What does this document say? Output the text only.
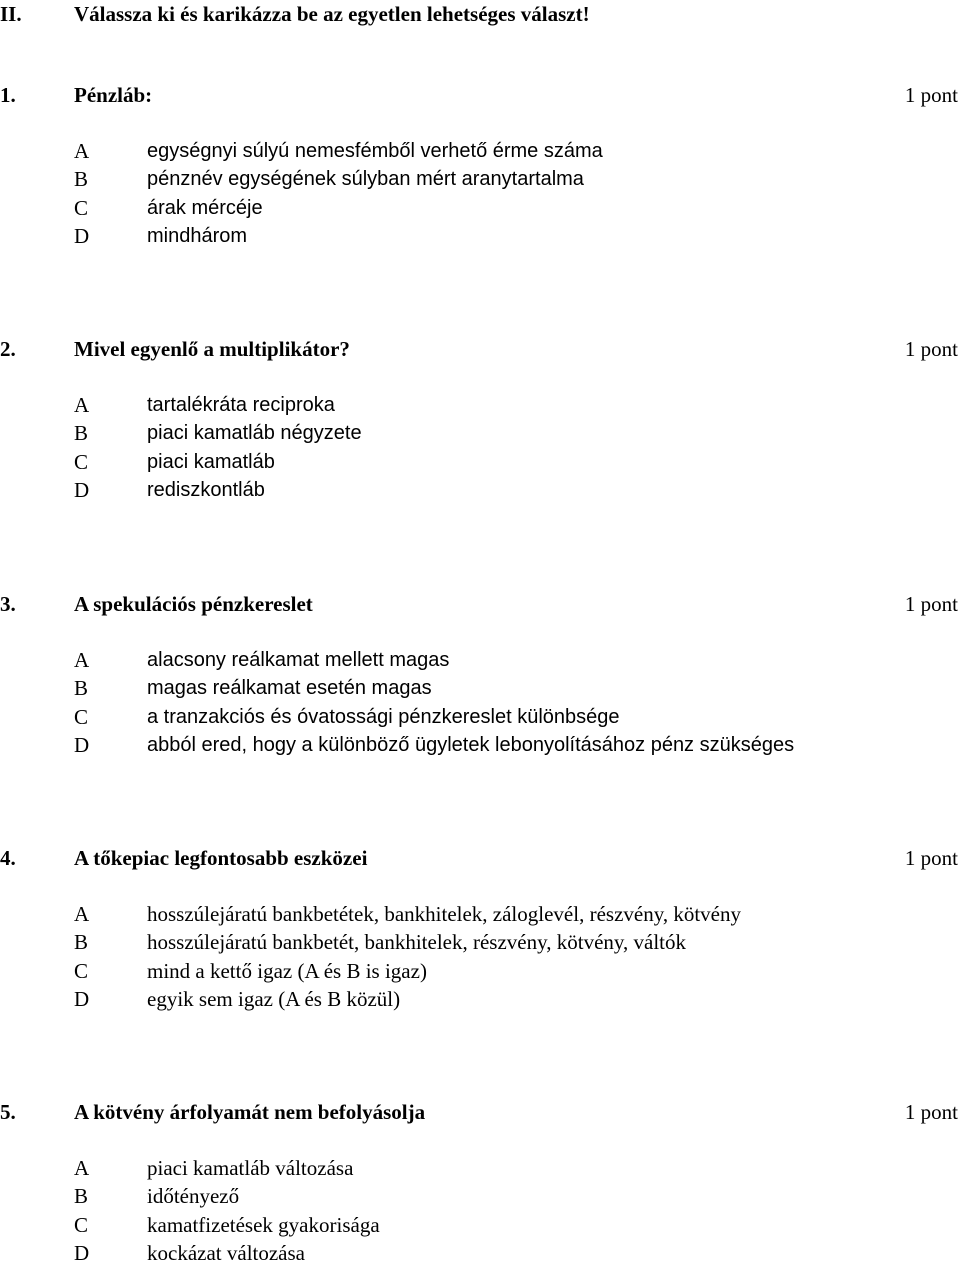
II. Válassza ki és karikázza be az egyetlen lehetséges választ!
1.	Pénzláb:	1 pont
A	egységnyi súlyú nemesfémből verhető érme száma
B	pénznév egységének súlyban mért aranytartalma
C	árak mércéje
D	mindhárom
2.	Mivel egyenlő a multiplikátor?	1 pont
A	tartalékráta reciproka
B	piaci kamatláb négyzete
C	piaci kamatláb
D	rediszkontláb
3.	A spekulációs pénzkereslet	1 pont
A	alacsony reálkamat mellett magas
B	magas reálkamat esetén magas
C	a tranzakciós és óvatossági pénzkereslet különbsége
D	abból ered, hogy a különböző ügyletek lebonyolításához pénz szükséges
4.	A tőkepiac legfontosabb eszközei	1 pont
A	hosszúlejáratú bankbetétek, bankhitelek, záloglevél, részvény, kötvény
B	hosszúlejáratú bankbetét, bankhitelek, részvény, kötvény, váltók
C	mind a kettő igaz (A és B is igaz)
D	egyik sem igaz (A és B közül)
5.	A kötvény árfolyamát nem befolyásolja	1 pont
A	piaci kamatláb változása
B	időtényező
C	kamatfizetések gyakorisága
D	kockázat változása
